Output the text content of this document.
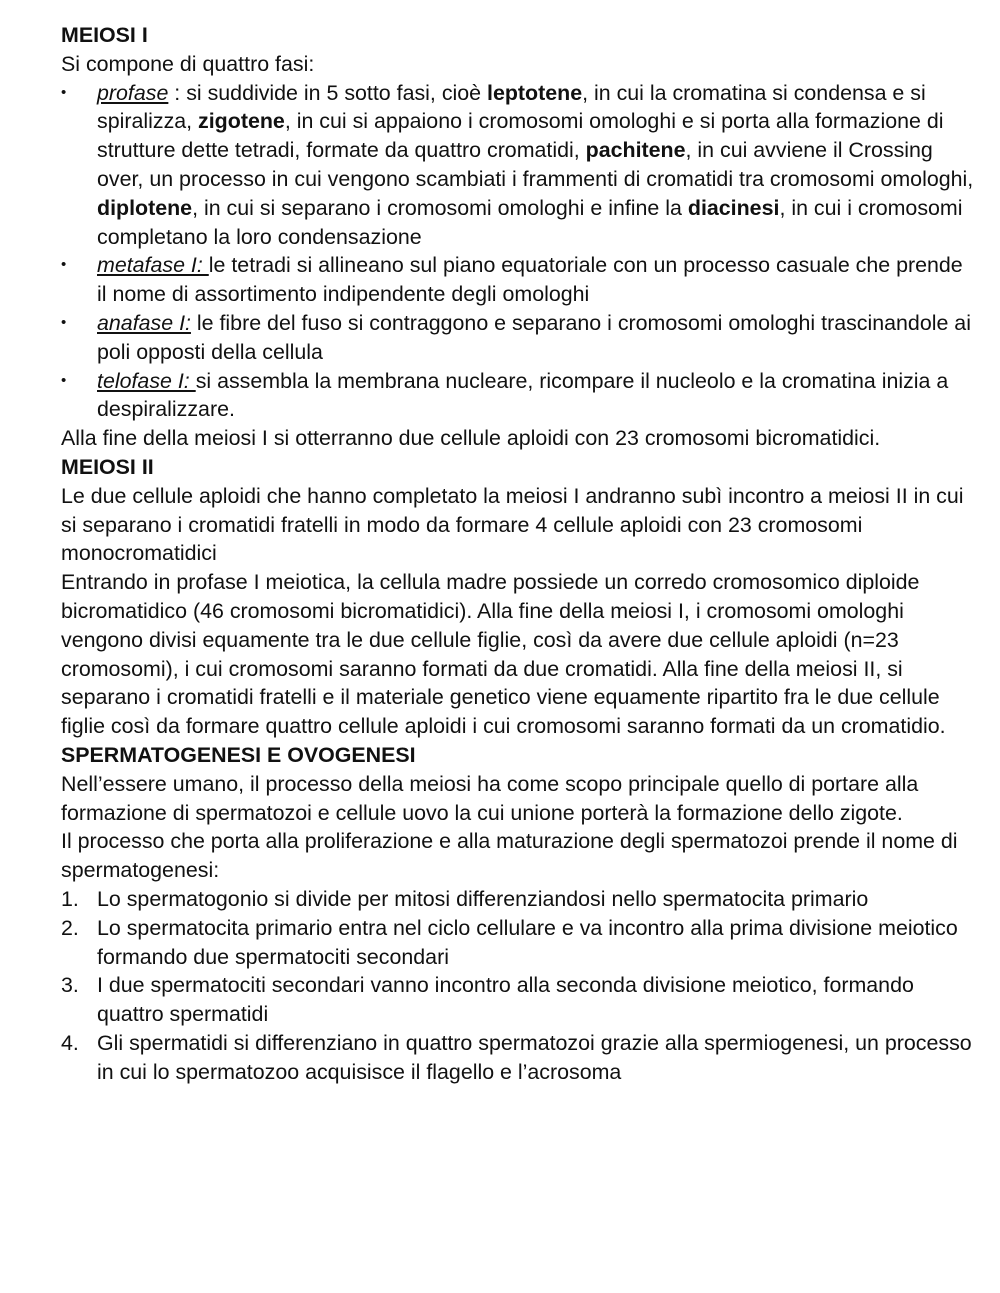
MEIOSI I

Si compone di quattro fasi:

•	profase : si suddivide in 5 sotto fasi, cioè leptotene, in cui la cromatina si condensa e si spiralizza, zigotene, in cui si appaiono i cromosomi omologhi e si porta alla formazione di strutture dette tetradi, formate da quattro cromatidi, pachitene, in cui avviene il Crossing over, un processo in cui vengono scambiati i frammenti di cromatidi tra cromosomi omologhi, diplotene, in cui si separano i cromosomi omologhi e infine la diacinesi, in cui i cromosomi completano la loro condensazione
•	metafase I: le tetradi si allineano sul piano equatoriale con un processo casuale che prende il nome di assortimento indipendente degli omologhi
•	anafase I: le fibre del fuso si contraggono e separano i cromosomi omologhi trascinandole ai poli opposti della cellula
•	telofase I: si assembla la membrana nucleare, ricompare il nucleolo e la cromatina inizia a despiralizzare.

Alla fine della meiosi I si otterranno due cellule aploidi con 23 cromosomi bicromatidici.

MEIOSI II

Le due cellule aploidi che hanno completato la meiosi I andranno subì incontro a meiosi II in cui si separano i cromatidi fratelli in modo da formare 4 cellule aploidi con 23 cromosomi monocromatidici

Entrando in profase I meiotica, la cellula madre possiede un corredo cromosomico diploide bicromatidico (46 cromosomi bicromatidici). Alla fine della meiosi I, i cromosomi omologhi vengono divisi equamente tra le due cellule figlie, così da avere due cellule aploidi (n=23 cromosomi), i cui cromosomi saranno formati da due cromatidi. Alla fine della meiosi II, si separano i cromatidi fratelli e il materiale genetico viene equamente ripartito fra le due cellule figlie così da formare quattro cellule aploidi i cui cromosomi saranno formati da un cromatidio.

SPERMATOGENESI E OVOGENESI

Nell’essere umano, il processo della meiosi ha come scopo principale quello di portare alla formazione di spermatozoi e cellule uovo la cui unione porterà la formazione dello zigote.

Il processo che porta alla proliferazione e alla maturazione degli spermatozoi prende il nome di spermatogenesi:

1. Lo spermatogonio si divide per mitosi differenziandosi nello spermatocita primario
2. Lo spermatocita primario entra nel ciclo cellulare e va incontro alla prima divisione meiotico formando due spermatociti secondari
3. I due spermatociti secondari vanno incontro alla seconda divisione meiotico, formando quattro spermatidi
4. Gli spermatidi si differenziano in quattro spermatozoi grazie alla spermiogenesi, un processo in cui lo spermatozoo acquisisce il flagello e l’acrosoma
